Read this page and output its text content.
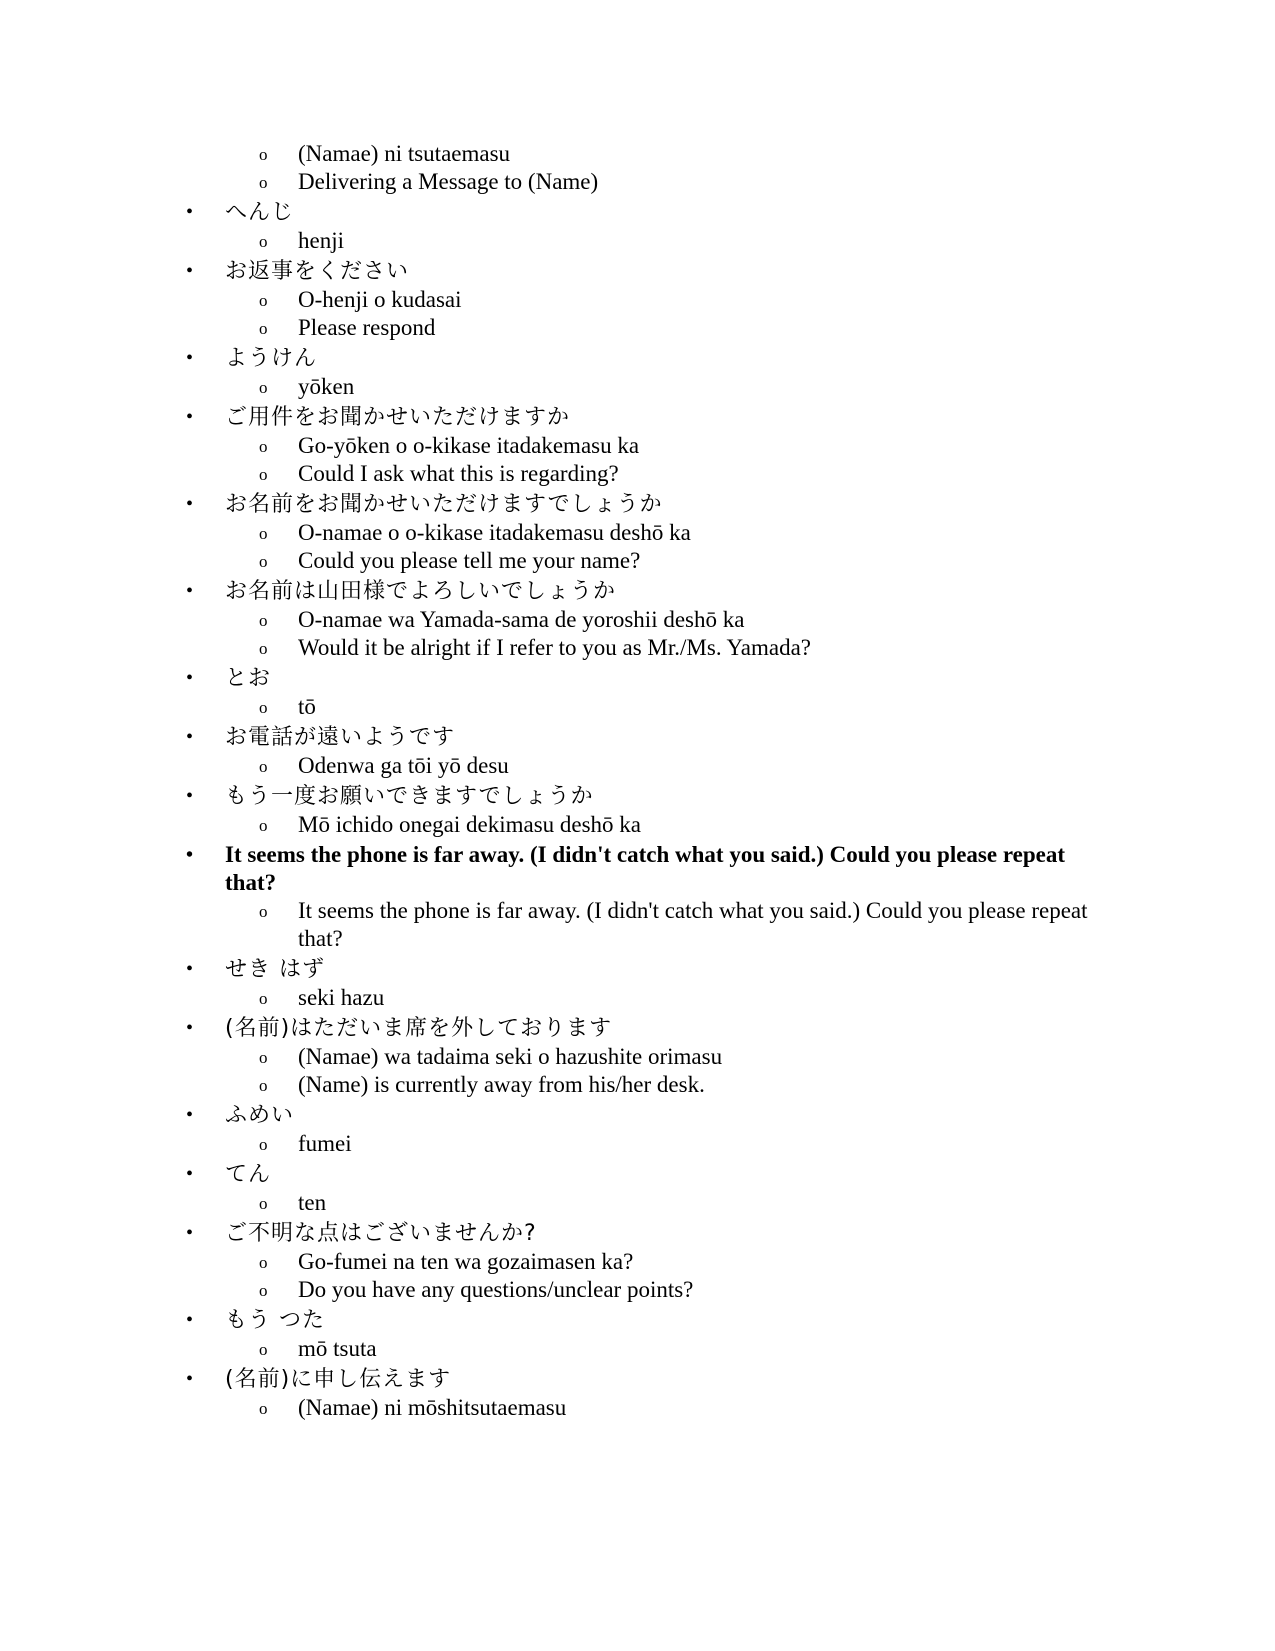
o (Namae) ni tsutaemasu
o Delivering a Message to (Name)
• へんじ
o henji
• お返事をください
o O-henji o kudasai
o Please respond
• ようけん
o yōken
• ご用件をお聞かせいただけますか
o Go-yōken o o-kikase itadakemasu ka
o Could I ask what this is regarding?
• お名前をお聞かせいただけますでしょうか
o O-namae o o-kikase itadakemasu deshō ka
o Could you please tell me your name?
• お名前は山田様でよろしいでしょうか
o O-namae wa Yamada-sama de yoroshii deshō ka
o Would it be alright if I refer to you as Mr./Ms. Yamada?
• とお
o tō
• お電話が遠いようです
o Odenwa ga tōi yō desu
• もう一度お願いできますでしょうか
o Mō ichido onegai dekimasu deshō ka
• It seems the phone is far away. (I didn't catch what you said.) Could you please repeat that?
o It seems the phone is far away. (I didn't catch what you said.) Could you please repeat that?
• せき はず
o seki hazu
• (名前)はただいま席を外しております
o (Namae) wa tadaima seki o hazushite orimasu
o (Name) is currently away from his/her desk.
• ふめい
o fumei
• てん
o ten
• ご不明な点はございませんか?
o Go-fumei na ten wa gozaimasen ka?
o Do you have any questions/unclear points?
• もう つた
o mō tsuta
• (名前)に申し伝えます
o (Namae) ni mōshitsutaemasu
